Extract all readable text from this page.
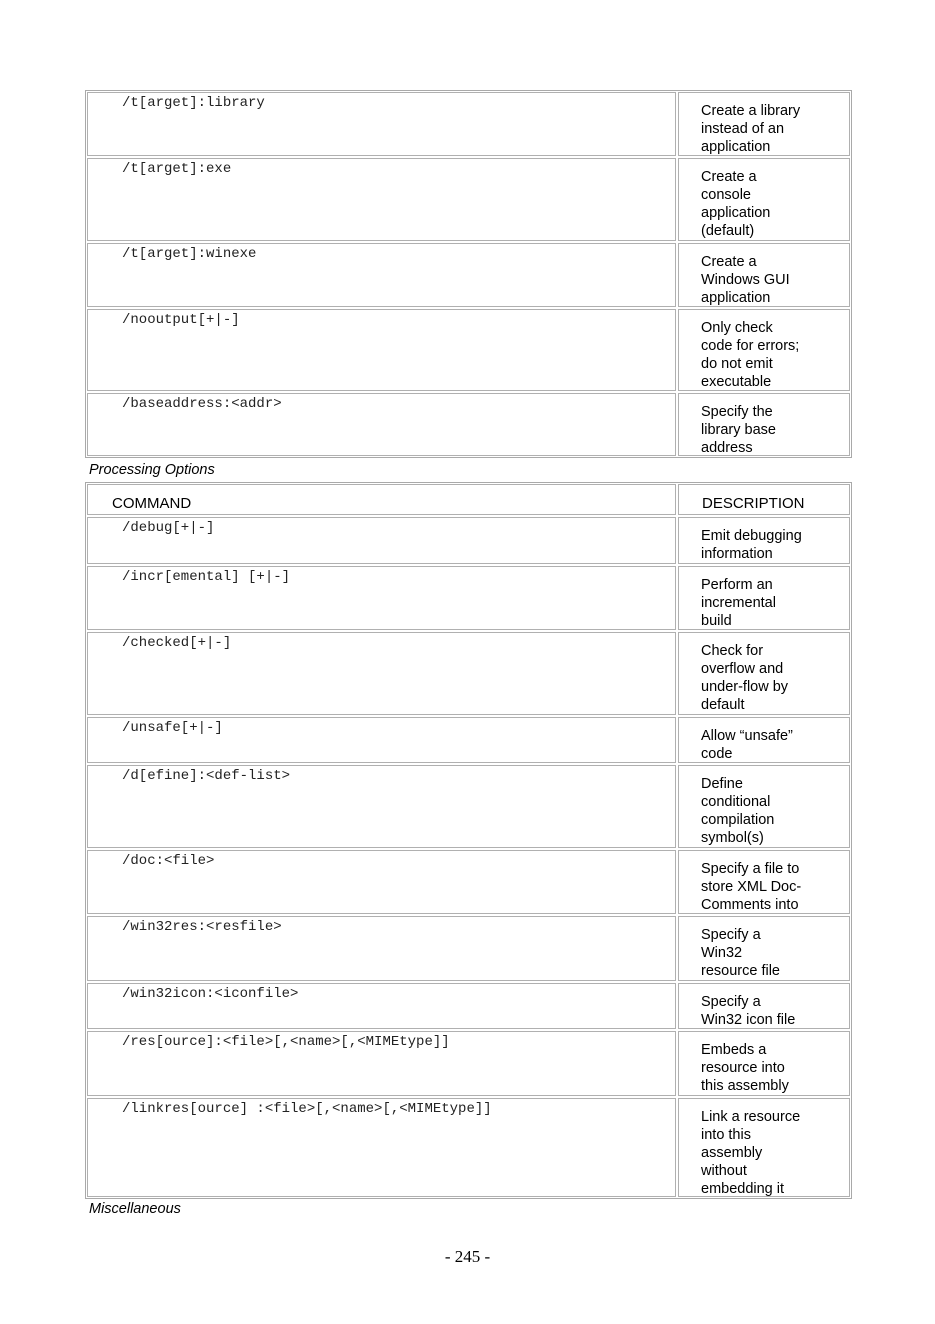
/t[arget]:library	Create a library
instead of an
application
/t[arget]:exe	Create a
console
application
(default)
/t[arget]:winexe	Create a
Windows GUI
application
/nooutput[+|-]	Only check
code for errors;
do not emit
executable
/baseaddress:<addr>	Specify the
library base
address
Processing Options
COMMAND	DESCRIPTION
/debug[+|-]	Emit debugging
information
/incr[emental] [+|-]	Perform an
incremental
build
/checked[+|-]	Check for
overflow and
under-flow by
default
/unsafe[+|-]	Allow “unsafe”
code
/d[efine]:<def-list>	Define
conditional
compilation
symbol(s)
/doc:<file>	Specify a file to
store XML Doc-
Comments into
/win32res:<resfile>	Specify a
Win32
resource file
/win32icon:<iconfile>	Specify a
Win32 icon file
/res[ource]:<file>[,<name>[,<MIMEtype]]	Embeds a
resource into
this assembly
/linkres[ource] :<file>[,<name>[,<MIMEtype]]	Link a resource
into this
assembly
without
embedding it
Miscellaneous
- 245 -
